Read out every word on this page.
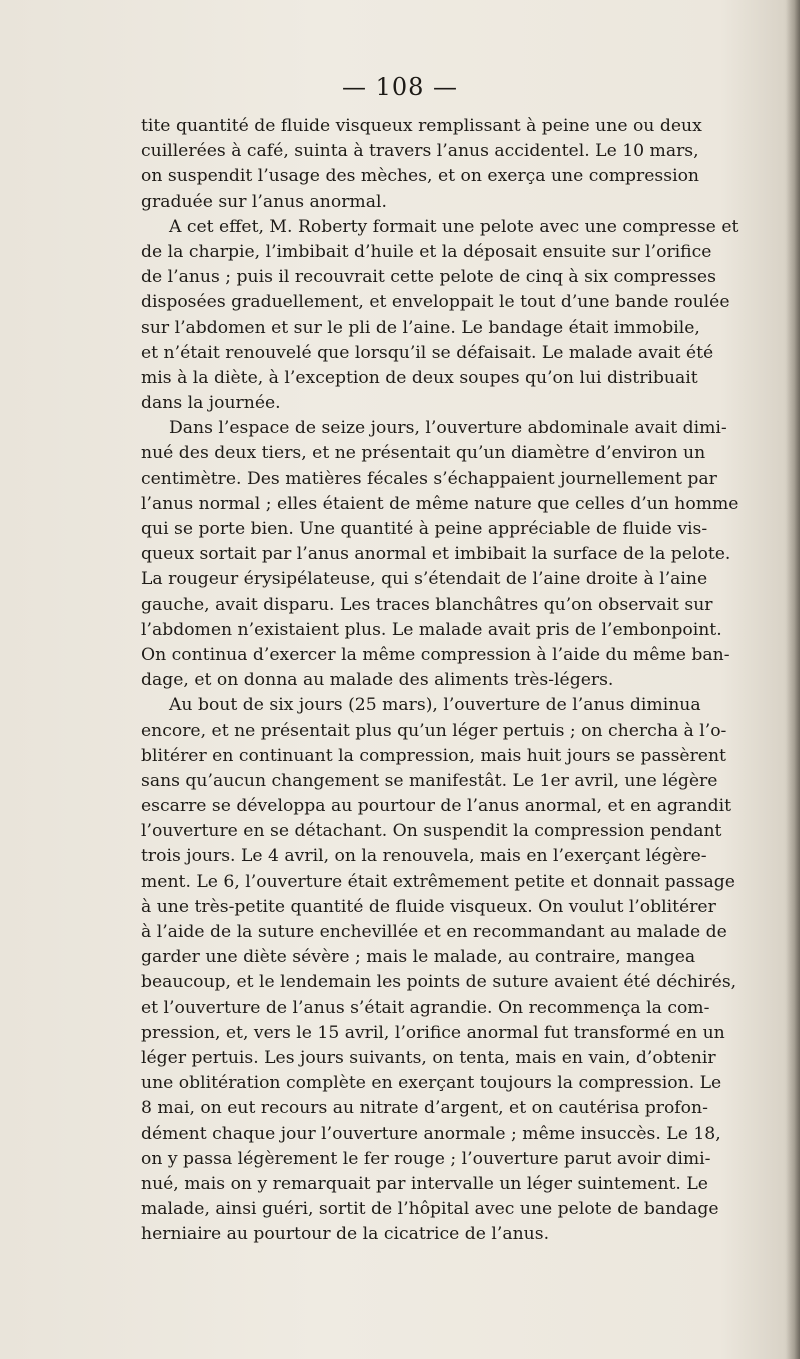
— 108 —
tite quantité de fluide visqueux remplissant à peine une ou deux
cuillerées à café, suinta à travers l’anus accidentel. Le 10 mars,
on suspendit l’usage des mèches, et on exerça une compression
graduée sur l’anus anormal.
A cet effet, M. Roberty formait une pelote avec une compresse et
de la charpie, l’imbibait d’huile et la déposait ensuite sur l’orifice
de l’anus ; puis il recouvrait cette pelote de cinq à six compresses
disposées graduellement, et enveloppait le tout d’une bande roulée
sur l’abdomen et sur le pli de l’aine. Le bandage était immobile,
et n’était renouvelé que lorsqu’il se défaisait. Le malade avait été
mis à la diète, à l’exception de deux soupes qu’on lui distribuait
dans la journée.
Dans l’espace de seize jours, l’ouverture abdominale avait dimi-
nué des deux tiers, et ne présentait qu’un diamètre d’environ un
centimètre. Des matières fécales s’échappaient journellement par
l’anus normal ; elles étaient de même nature que celles d’un homme
qui se porte bien. Une quantité à peine appréciable de fluide vis-
queux sortait par l’anus anormal et imbibait la surface de la pelote.
La rougeur érysipélateuse, qui s’étendait de l’aine droite à l’aine
gauche, avait disparu. Les traces blanchâtres qu’on observait sur
l’abdomen n’existaient plus. Le malade avait pris de l’embonpoint.
On continua d’exercer la même compression à l’aide du même ban-
dage, et on donna au malade des aliments très-légers.
Au bout de six jours (25 mars), l’ouverture de l’anus diminua
encore, et ne présentait plus qu’un léger pertuis ; on chercha à l’o-
blitérer en continuant la compression, mais huit jours se passèrent
sans qu’aucun changement se manifestât. Le 1er avril, une légère
escarre se développa au pourtour de l’anus anormal, et en agrandit
l’ouverture en se détachant. On suspendit la compression pendant
trois jours. Le 4 avril, on la renouvela, mais en l’exerçant légère-
ment. Le 6, l’ouverture était extrêmement petite et donnait passage
à une très-petite quantité de fluide visqueux. On voulut l’oblitérer
à l’aide de la suture enchevillée et en recommandant au malade de
garder une diète sévère ; mais le malade, au contraire, mangea
beaucoup, et le lendemain les points de suture avaient été déchirés,
et l’ouverture de l’anus s’était agrandie. On recommença la com-
pression, et, vers le 15 avril, l’orifice anormal fut transformé en un
léger pertuis. Les jours suivants, on tenta, mais en vain, d’obtenir
une oblitération complète en exerçant toujours la compression. Le
8 mai, on eut recours au nitrate d’argent, et on cautérisa profon-
dément chaque jour l’ouverture anormale ; même insuccès. Le 18,
on y passa légèrement le fer rouge ; l’ouverture parut avoir dimi-
nué, mais on y remarquait par intervalle un léger suintement. Le
malade, ainsi guéri, sortit de l’hôpital avec une pelote de bandage
herniaire au pourtour de la cicatrice de l’anus.
